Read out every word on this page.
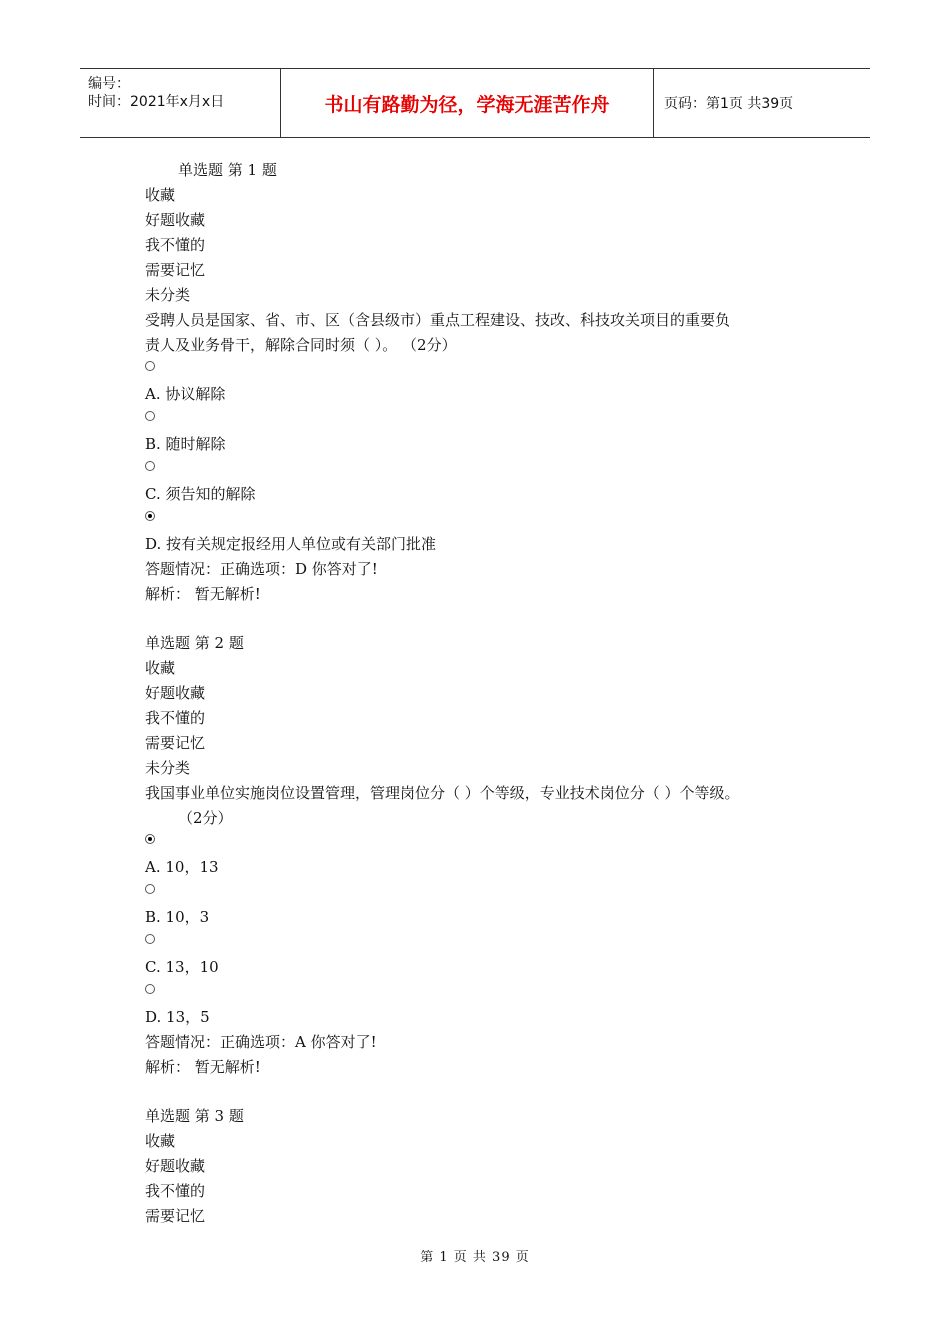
编号：
时间：2021年x月x日	书山有路勤为径，学海无涯苦作舟	页码：第1页 共39页
单选题 第 1 题
收藏
好题收藏
我不懂的
需要记忆
未分类
受聘人员是国家、省、市、区（含县级市）重点工程建设、技改、科技攻关项目的重要负
责人及业务骨干，解除合同时须（ ）。 （2分）
A. 协议解除
B. 随时解除
C. 须告知的解除
D. 按有关规定报经用人单位或有关部门批准
答题情况：正确选项：D 你答对了!
解析： 暂无解析!
单选题 第 2 题
收藏
好题收藏
我不懂的
需要记忆
未分类
我国事业单位实施岗位设置管理，管理岗位分（ ）个等级，专业技术岗位分（ ）个等级。
（2分）
A. 10，13
B. 10，3
C. 13，10
D. 13，5
答题情况：正确选项：A 你答对了!
解析： 暂无解析!
单选题 第 3 题
收藏
好题收藏
我不懂的
需要记忆
第 1 页 共 39 页
